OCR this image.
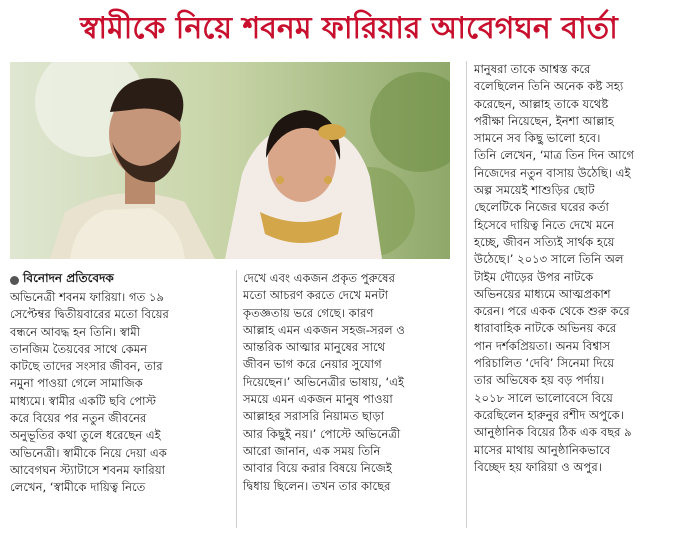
স্বামীকে নিয়ে শবনম ফারিয়ার আবেগঘন বার্তা
বিনোদন প্রতিবেদক
অভিনেত্রী শবনম ফারিয়া। গত ১৯
সেপ্টেম্বর দ্বিতীয়বারের মতো বিয়ের
বন্ধনে আবদ্ধ হন তিনি। স্বামী
তানজিম তৈয়বের সাথে কেমন
কাটছে তাদের সংসার জীবন, তার
নমুনা পাওয়া গেলে সামাজিক
মাধ্যমে। স্বামীর একটি ছবি পোস্ট
করে বিয়ের পর নতুন জীবনের
অনুভূতির কথা তুলে ধরেছেন এই
অভিনেত্রী। স্বামীকে নিয়ে দেয়া এক
আবেগঘন স্ট্যাটাসে শবনম ফারিয়া
লেখেন, ‘স্বামীকে দায়িত্ব নিতে
দেখে এবং একজন প্রকৃত পুরুষের
মতো আচরণ করতে দেখে মনটা
কৃতজ্ঞতায় ভরে গেছে। কারণ
আল্লাহ এমন একজন সহজ-সরল ও
আন্তরিক আত্মার মানুষের সাথে
জীবন ভাগ করে নেয়ার সুযোগ
দিয়েছেন।’ অভিনেত্রীর ভাষায়, ‘এই
সময়ে এমন একজন মানুষ পাওয়া
আল্লাহর সরাসরি নিয়ামত ছাড়া
আর কিছুই নয়।’ পোস্টে অভিনেত্রী
আরো জানান, এক সময় তিনি
আবার বিয়ে করার বিষয়ে নিজেই
দ্বিধায় ছিলেন। তখন তার কাছের
মানুষরা তাকে আশ্বস্ত করে
বলেছিলেন তিনি অনেক কষ্ট সহ্য
করেছেন, আল্লাহ তাকে যথেষ্ট
পরীক্ষা নিয়েছেন, ইনশা আল্লাহ
সামনে সব কিছু ভালো হবে।
তিনি লেখেন, ‘মাত্র তিন দিন আগে
নিজেদের নতুন বাসায় উঠেছি। এই
অল্প সময়েই শাশুড়ির ছোট
ছেলেটিকে নিজের ঘরের কর্তা
হিসেবে দায়িত্ব নিতে দেখে মনে
হচ্ছে, জীবন সত্যিই সার্থক হয়ে
উঠেছে।’ ২০১৩ সালে তিনি অল
টাইম দৌড়ের উপর নাটকে
অভিনয়ের মাধ্যমে আত্মপ্রকাশ
করেন। পরে একক থেকে শুরু করে
ধারাবাহিক নাটকে অভিনয় করে
পান দর্শকপ্রিয়তা। অনম বিশ্বাস
পরিচালিত ‘দেবি’ সিনেমা দিয়ে
তার অভিষেক হয় বড় পর্দায়।
২০১৮ সালে ভালোবেসে বিয়ে
করেছিলেন হারুনুর রশীদ অপুকে।
আনুষ্ঠানিক বিয়ের ঠিক এক বছর ৯
মাসের মাথায় আনুষ্ঠানিকভাবে
বিচ্ছেদ হয় ফারিয়া ও অপুর।
